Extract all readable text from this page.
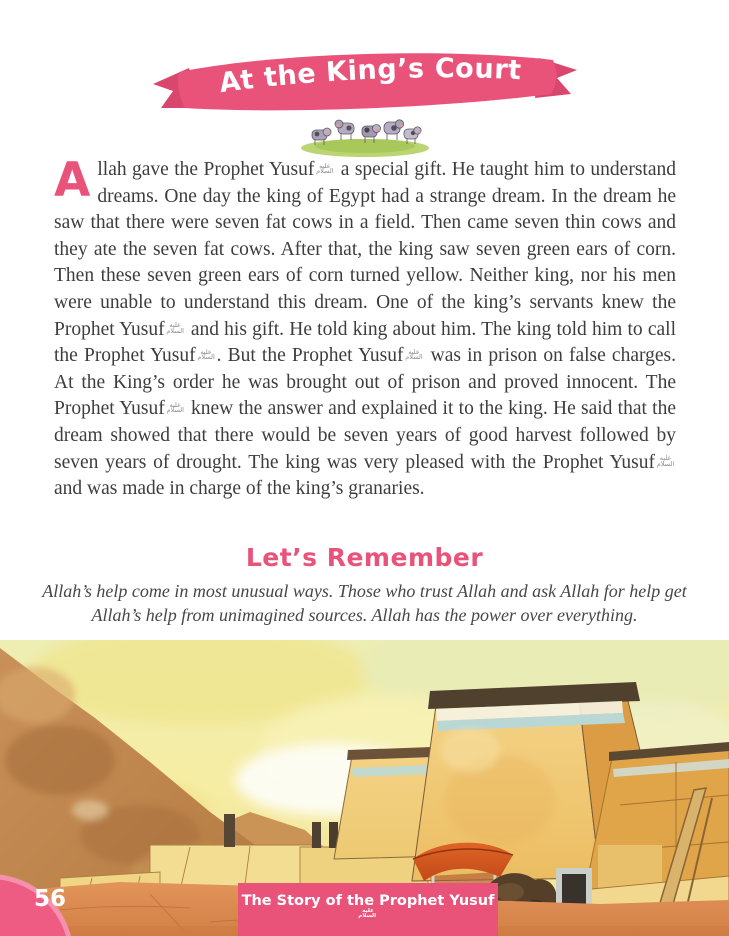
At the King’s Court

Allah gave the Prophet Yusuf عليه السلام a special gift. He taught him to understand dreams. One day the king of Egypt had a strange dream. In the dream he saw that there were seven fat cows in a field. Then came seven thin cows and they ate the seven fat cows. After that, the king saw seven green ears of corn. Then these seven green ears of corn turned yellow. Neither king, nor his men were unable to understand this dream. One of the king’s servants knew the Prophet Yusuf عليه السلام and his gift. He told king about him. The king told him to call the Prophet Yusuf عليه السلام. But the Prophet Yusuf عليه السلام was in prison on false charges. At the King’s order he was brought out of prison and proved innocent. The Prophet Yusuf عليه السلام knew the answer and explained it to the king. He said that the dream showed that there would be seven years of good harvest followed by seven years of drought. The king was very pleased with the Prophet Yusuf عليه السلام and was made in charge of the king’s granaries.

Let’s Remember

Allah’s help come in most unusual ways. Those who trust Allah and ask Allah for help get Allah’s help from unimagined sources. Allah has the power over everything.

The Story of the Prophet Yusufعليه السلام
56
